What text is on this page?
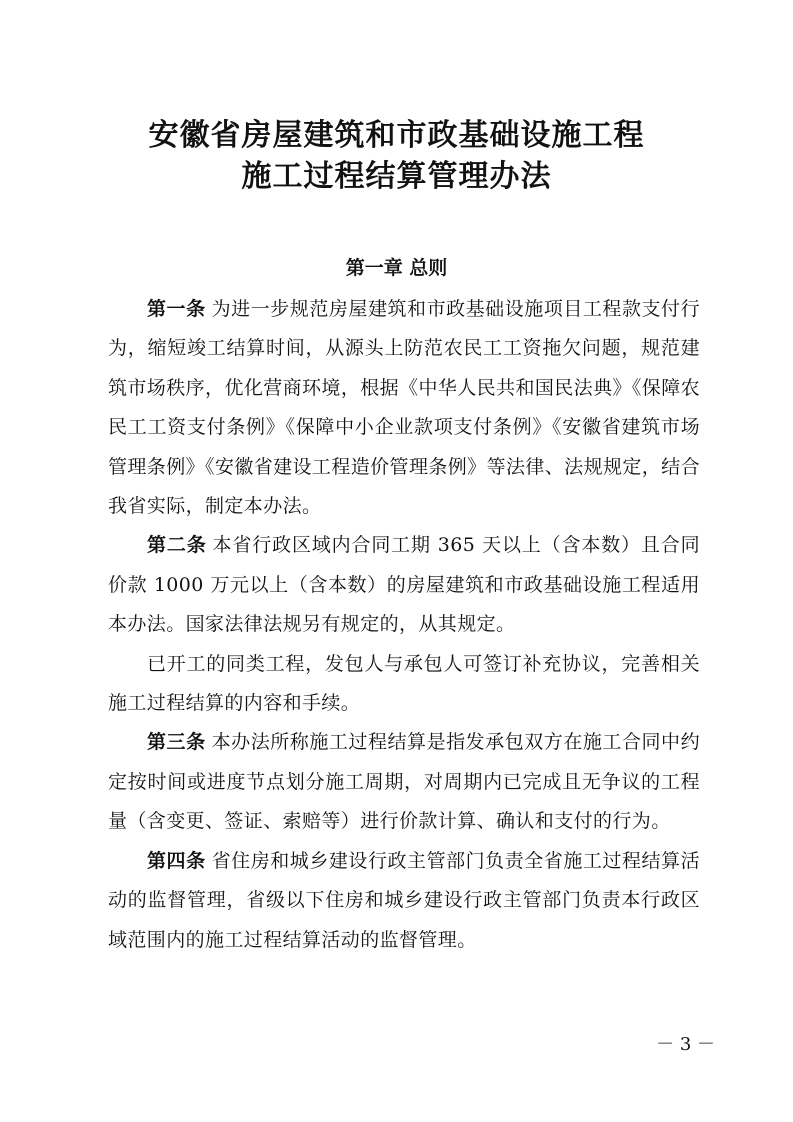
安徽省房屋建筑和市政基础设施工程
施工过程结算管理办法
第一章 总则

第一条 为进一步规范房屋建筑和市政基础设施项目工程款支付行为，缩短竣工结算时间，从源头上防范农民工工资拖欠问题，规范建筑市场秩序，优化营商环境，根据《中华人民共和国民法典》《保障农民工工资支付条例》《保障中小企业款项支付条例》《安徽省建筑市场管理条例》《安徽省建设工程造价管理条例》等法律、法规规定，结合我省实际，制定本办法。

第二条 本省行政区域内合同工期 365 天以上（含本数）且合同价款 1000 万元以上（含本数）的房屋建筑和市政基础设施工程适用本办法。国家法律法规另有规定的，从其规定。

已开工的同类工程，发包人与承包人可签订补充协议，完善相关施工过程结算的内容和手续。

第三条 本办法所称施工过程结算是指发承包双方在施工合同中约定按时间或进度节点划分施工周期，对周期内已完成且无争议的工程量（含变更、签证、索赔等）进行价款计算、确认和支付的行为。

第四条 省住房和城乡建设行政主管部门负责全省施工过程结算活动的监督管理，省级以下住房和城乡建设行政主管部门负责本行政区域范围内的施工过程结算活动的监督管理。

－ 3 －
